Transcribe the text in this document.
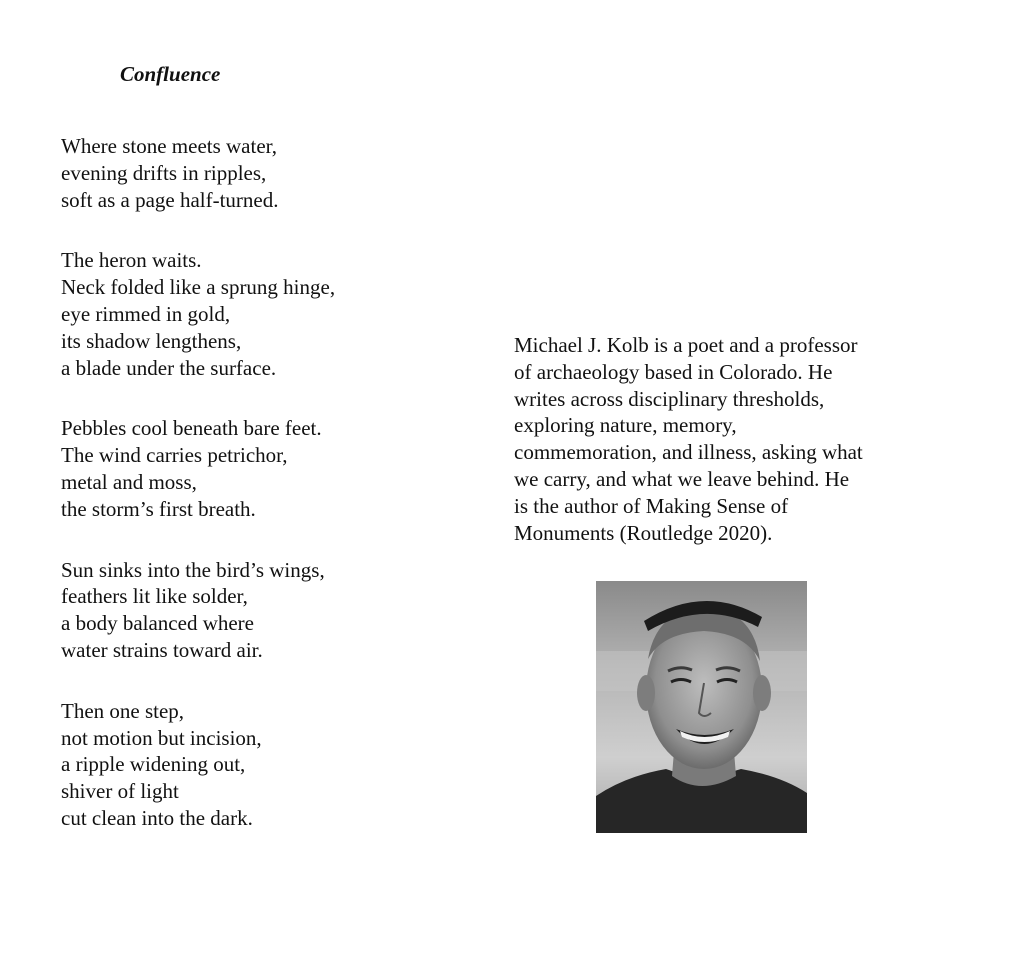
Confluence

Where stone meets water,
evening drifts in ripples,
soft as a page half-turned.

The heron waits.
Neck folded like a sprung hinge,
eye rimmed in gold,
its shadow lengthens,
a blade under the surface.

Pebbles cool beneath bare feet.
The wind carries petrichor,
metal and moss,
the storm’s first breath.

Sun sinks into the bird’s wings,
feathers lit like solder,
a body balanced where
water strains toward air.

Then one step,
not motion but incision,
a ripple widening out,
shiver of light
cut clean into the dark.

Michael J. Kolb is a poet and a professor
of archaeology based in Colorado. He
writes across disciplinary thresholds,
exploring nature, memory,
commemoration, and illness, asking what
we carry, and what we leave behind. He
is the author of Making Sense of
Monuments (Routledge 2020).
